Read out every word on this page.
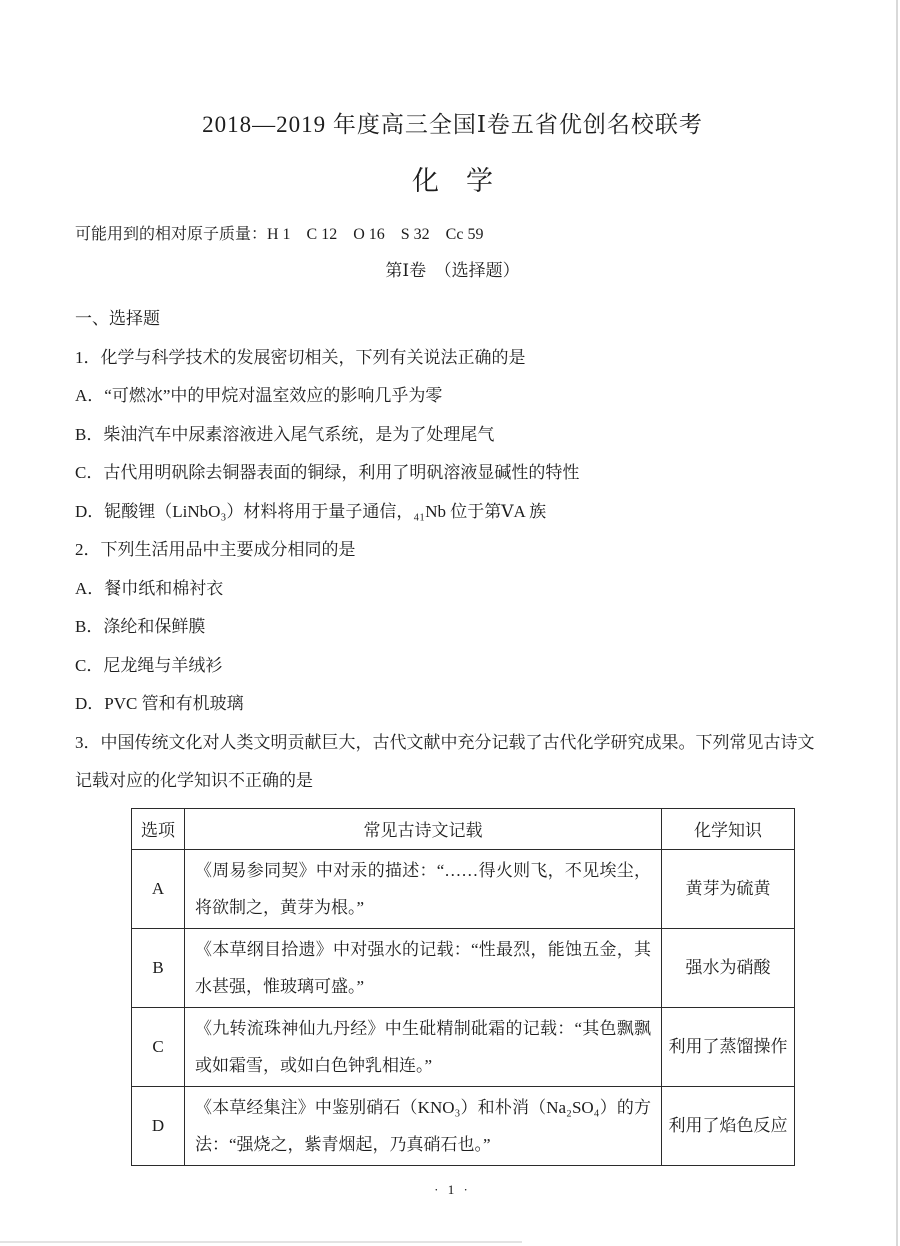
2018—2019 年度高三全国Ⅰ卷五省优创名校联考
化　学

可能用到的相对原子质量：H 1　C 12　O 16　S 32　Cc 59

第Ⅰ卷　（选择题）

一、选择题

1．化学与科学技术的发展密切相关，下列有关说法正确的是

A．“可燃冰”中的甲烷对温室效应的影响几乎为零

B．柴油汽车中尿素溶液进入尾气系统，是为了处理尾气

C．古代用明矾除去铜器表面的铜绿，利用了明矾溶液显碱性的特性

D．铌酸锂（LiNbO₃）材料将用于量子通信，₄₁Nb 位于第ⅤA 族

2．下列生活用品中主要成分相同的是

A．餐巾纸和棉衬衣

B．涤纶和保鲜膜

C．尼龙绳与羊绒衫

D．PVC 管和有机玻璃

3．中国传统文化对人类文明贡献巨大，古代文献中充分记载了古代化学研究成果。下列常见古诗文记载对应的化学知识不正确的是

选项	常见古诗文记载	化学知识
A	《周易参同契》中对汞的描述：“……得火则飞，不见埃尘，将欲制之，黄芽为根。”	黄芽为硫黄
B	《本草纲目拾遗》中对强水的记载：“性最烈，能蚀五金，其水甚强，惟玻璃可盛。”	强水为硝酸
C	《九转流珠神仙九丹经》中生砒精制砒霜的记载：“其色飘飘或如霜雪，或如白色钟乳相连。”	利用了蒸馏操作
D	《本草经集注》中鉴别硝石（KNO₃）和朴消（Na₂SO₄）的方法：“强烧之，紫青烟起，乃真硝石也。”	利用了焰色反应

· 1 ·
